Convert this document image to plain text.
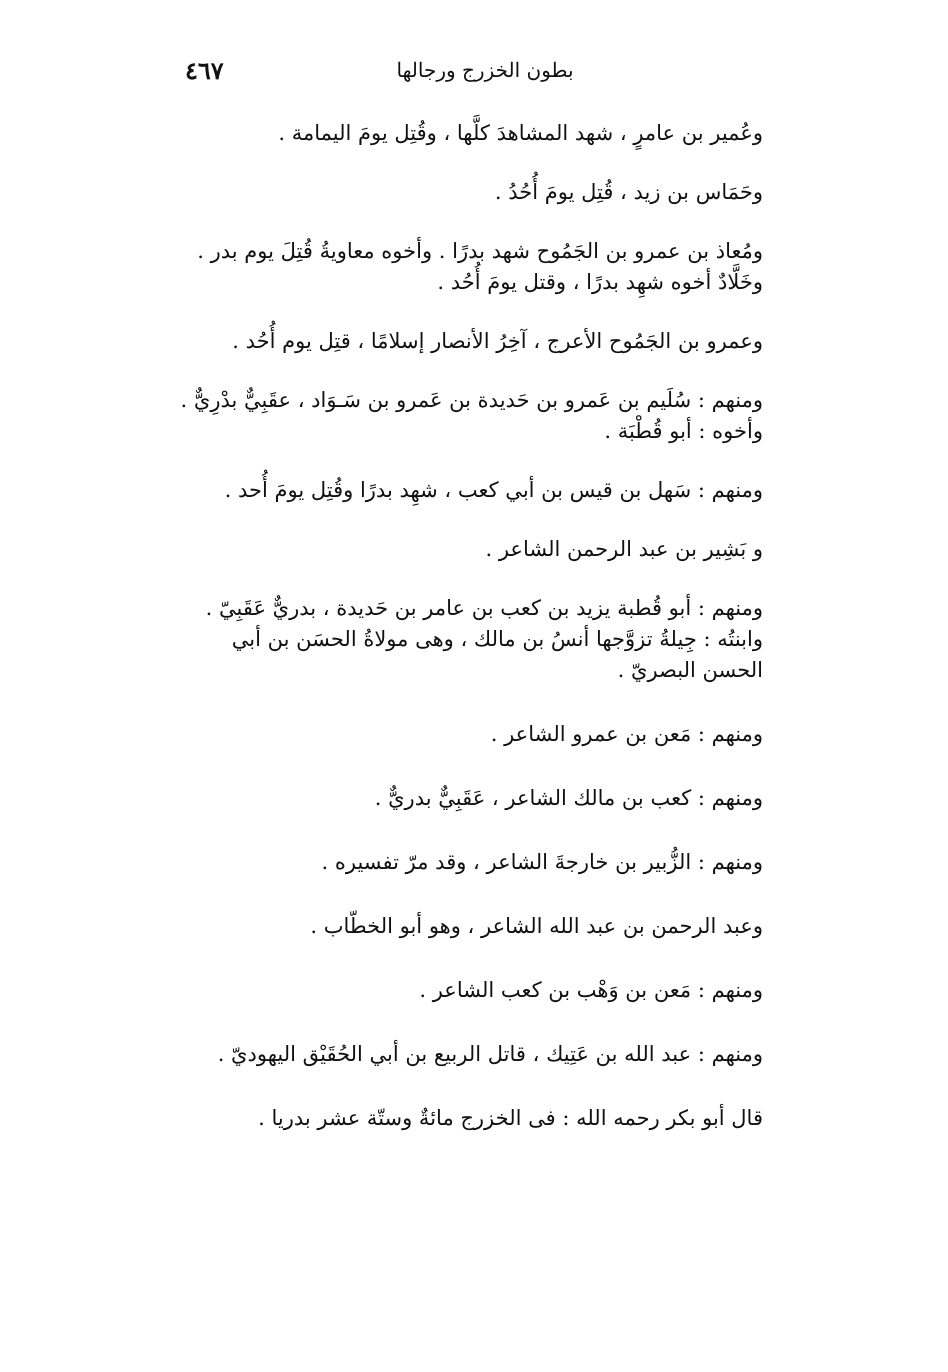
٤٦٧	بطون الخزرج ورجالها

وعُمير بن عامرٍ ، شهد المشاهدَ كلَّها ، وقُتِل يومَ اليمامة .

وحَمَاس بن زيد ، قُتِل يومَ أُحُدُ .

ومُعاذ بن عمرو بن الجَمُوح شهد بدرًا . وأخوه معاويةُ قُتِلَ يوم بدر . وخَلَّادٌ أخوه شهِد بدرًا ، وقتل يومَ أُحُد .

وعمرو بن الجَمُوح الأعرج ، آخِرُ الأنصار إسلامًا ، قتِل يوم أُحُد .

ومنهم : سُلَيم بن عَمرو بن حَديدة بن عَمرو بن سَـوَاد ، عقَبِيٌّ بدْرِيٌّ . وأخوه : أبو قُطْبَة .

ومنهم : سَهل بن قيس بن أبي كعب ، شهِد بدرًا وقُتِل يومَ أُحد .

و بَشِير بن عبد الرحمن الشاعر .

ومنهم : أبو قُطبة يزيد بن كعب بن عامر بن حَديدة ، بدريٌّ عَقَبِيّ . وابنتُه : جِيلةُ تزوَّجها أنسُ بن مالك ، وهى مولاةُ الحسَن بن أبي الحسن البصريّ .

ومنهم : مَعن بن عمرو الشاعر .

ومنهم : كعب بن مالك الشاعر ، عَقَبِيٌّ بدريٌّ .

ومنهم : الزُّبير بن خارجةَ الشاعر ، وقد مرّ تفسيره .

وعبد الرحمن بن عبد الله الشاعر ، وهو أبو الخطّاب .

ومنهم : مَعن بن وَهْب بن كعب الشاعر .

ومنهم : عبد الله بن عَتِيك ، قاتل الربيع بن أبي الحُقَيْق اليهوديّ .

قال أبو بكر رحمه الله : فى الخزرج مائةٌ وستّة عشر بدريا .
